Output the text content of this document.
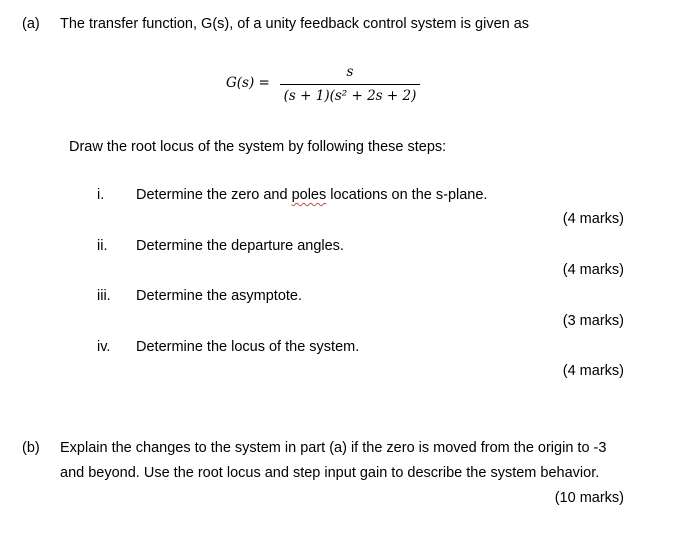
(a) The transfer function, G(s), of a unity feedback control system is given as
G(s) =
s
(s + 1)(s² + 2s + 2)
Draw the root locus of the system by following these steps:
i. Determine the zero and poles locations on the s-plane.
(4 marks)
ii. Determine the departure angles.
(4 marks)
iii. Determine the asymptote.
(3 marks)
iv. Determine the locus of the system.
(4 marks)
(b) Explain the changes to the system in part (a) if the zero is moved from the origin to -3
and beyond. Use the root locus and step input gain to describe the system behavior.
(10 marks)
